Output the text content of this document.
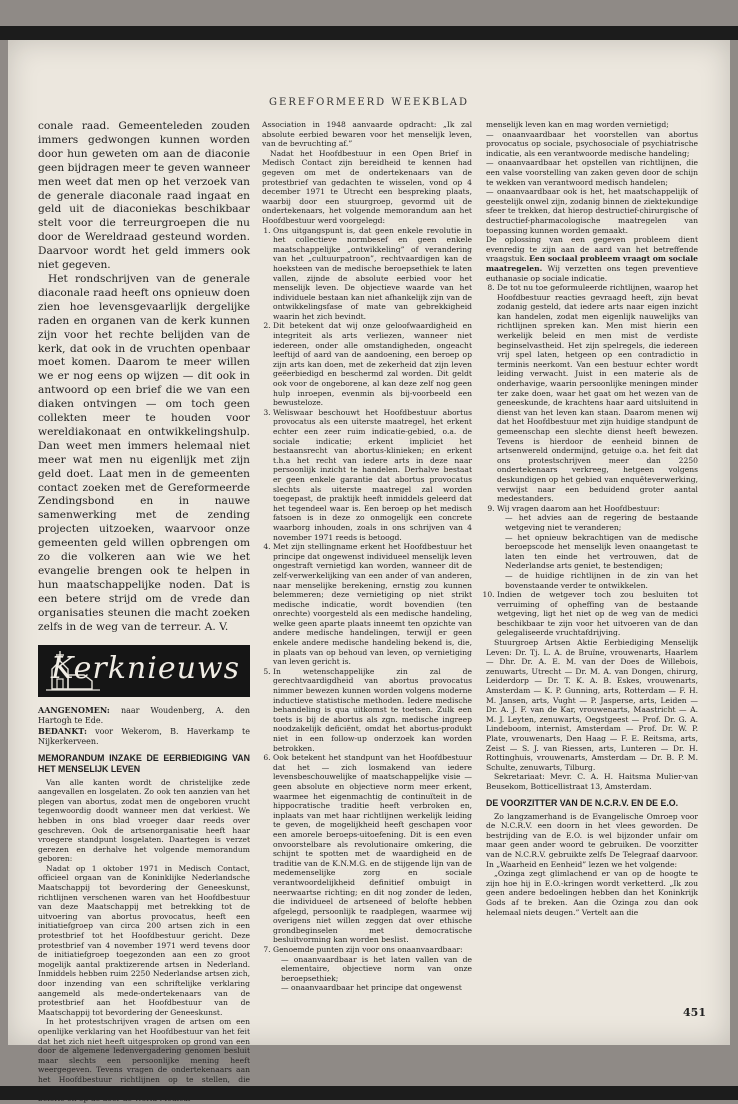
GEREFORMEERD WEEKBLAD

conale raad. Gemeenteleden zouden immers gedwongen kunnen worden door hun geweten om aan de diaconie geen bijdragen meer te geven wanneer men weet dat men op het verzoek van de generale diaconale raad ingaat en geld uit de diaconiekas beschikbaar stelt voor die terreurgroepen die nu door de Wereldraad gesteund worden. Daarvoor wordt het geld immers ook niet gegeven.

Het rondschrijven van de generale diaconale raad heeft ons opnieuw doen zien hoe levensgevaarlijk dergelijke raden en organen van de kerk kunnen zijn voor het rechte belijden van de kerk, dat ook in de vruchten openbaar moet komen. Daarom te meer willen we er nog eens op wijzen — dit ook in antwoord op een brief die we van een diaken ontvingen — om toch geen collekten meer te houden voor wereldiakonaat en ontwikkelingshulp. Dan weet men immers helemaal niet meer wat men nu eigenlijk met zijn geld doet. Laat men in de gemeenten contact zoeken met de Gereformeerde Zendingsbond en in nauwe samenwerking met de zending projecten uitzoeken, waarvoor onze gemeenten geld willen opbrengen om zo die volkeren aan wie we het evangelie brengen ook te helpen in hun maatschappelijke noden. Dat is een betere strijd om de vrede dan organisaties steunen die macht zoeken zelfs in de weg van de terreur. A. V.

Kerknieuws

AANGENOMEN: naar Woudenberg, A. den Hartogh te Ede.

BEDANKT: voor Wekerom, B. Haverkamp te Nijkerkerveen.

MEMORANDUM INZAKE DE EERBIEDIGING VAN HET MENSELIJK LEVEN

Van alle kanten wordt de christelijke zede aangevallen en losgelaten. Zo ook ten aanzien van het plegen van abortus, zodat men de ongeboren vrucht tegenwoordig doodt wanneer men dat verkiest. We hebben in ons blad vroeger daar reeds over geschreven. Ook de artsenorganisatie heeft haar vroegere standpunt losgelaten. Daartegen is verzet gerezen en derhalve het volgende memorandum geboren:

Nadat op 1 oktober 1971 in Medisch Contact, officieel orgaan van de Koninklijke Nederlandsche Maatschappij tot bevordering der Geneeskunst, richtlijnen verschenen waren van het Hoofdbestuur van deze Maatschappij met betrekking tot de uitvoering van abortus provocatus, heeft een initiatiefgroep van circa 200 artsen zich in een protestbrief tot het Hoofdbestuur gericht. Deze protestbrief van 4 november 1971 werd tevens door de initiatiefgroep toegezonden aan een zo groot mogelijk aantal praktizerende artsen in Nederland. Inmiddels hebben ruim 2250 Nederlandse artsen zich, door inzending van een schriftelijke verklaring aangemeld als mede-ondertekenaars van de protestbrief aan het Hoofdbestuur van de Maatschappij tot bevordering der Geneeskunst.

In het protestschrijven vragen de artsen om een openlijke verklaring van het Hoofdbestuur van het feit dat het zich niet heeft uitgesproken op grond van een door de algemene ledenvergadering genomen besluit maar slechts een persoonlijke mening heeft weergegeven. Tevens vragen de ondertekenaars aan het Hoofdbestuur richtlijnen op te stellen, die

Association in 1948 aanvaarde opdracht: „Ik zal absolute eerbied bewaren voor het menselijk leven, van de bevruchting af.”

Nadat het Hoofdbestuur in een Open Brief in Medisch Contact zijn bereidheid te kennen had gegeven om met de ondertekenaars van de protestbrief van gedachten te wisselen, vond op 4 december 1971 te Utrecht een bespreking plaats, waarbij door een stuurgroep, gevormd uit de ondertekenaars, het volgende memorandum aan het Hoofdbestuur werd voorgelegd:

1. Ons uitgangspunt is, dat geen enkele revolutie in het collectieve normbesef en geen enkele maatschappelijke „ontwikkeling” of verandering van het „cultuurpatroon”, rechtvaardigen kan de hoeksteen van de medische beroepsethiek te laten vallen, zijnde de absolute eerbied voor het menselijk leven. De objectieve waarde van het individuele bestaan kan niet afhankelijk zijn van de ontwikkelingsfase of mate van gebrekkigheid waarin het zich bevindt.
2. Dit betekent dat wij onze geloofwaardigheid en integriteit als arts verliezen, wanneer niet iedereen, onder alle omstandigheden, ongeacht leeftijd of aard van de aandoening, een beroep op zijn arts kan doen, met de zekerheid dat zijn leven geëerbiedigd en beschermd zal worden. Dit geldt ook voor de ongeborene, al kan deze zelf nog geen hulp inroepen, evenmin als bij-voorbeeld een bewusteloze.
3. Weliswaar beschouwt het Hoofdbestuur abortus provocatus als een uiterste maatregel, het erkent echter een zeer ruim indicatie-gebied, o.a. de sociale indicatie; erkent impliciet het bestaansrecht van abortus-klinieken; en erkent t.h.a het recht van iedere arts in deze naar persoonlijk inzicht te handelen. Derhalve bestaat er geen enkele garantie dat abortus provocatus slechts als uiterste maatregel zal worden toegepast, de praktijk heeft inmiddels geleerd dat het tegendeel waar is. Een beroep op het medisch fatsoen is in deze zo onmogelijk een concrete waarborg inhouden, zoals in ons schrijven van 4 november 1971 reeds is betoogd.
4. Met zijn stellingname erkent het Hoofdbestuur het principe dat ongewenst individueel menselijk leven ongestraft vernietigd kan worden, wanneer dit de zelf-verwerkelijking van een ander of van anderen, naar menselijke berekening, ernstig zou kunnen belemmeren; deze vernietiging op niet strikt medische indicatie, wordt bovendien (ten onrechte) voorgesteld als een medische handeling, welke geen aparte plaats inneemt ten opzichte van andere medische handelingen, terwijl er geen enkele andere medische handeling bekend is, die, in plaats van op behoud van leven, op vernietiging van leven gericht is.
5. In wetenschappelijke zin zal de gerechtvaardigdheid van abortus provocatus nimmer bewezen kunnen worden volgens moderne inductieve statistische methoden. Iedere medische behandeling is qua uitkomst te toetsen. Zulk een toets is bij de abortus als zgn. medische ingreep noodzakelijk deficiënt, omdat het abortus-produkt niet in een follow-up onderzoek kan worden betrokken.
6. Ook betekent het standpunt van het Hoofdbestuur dat het — zich losmakend van iedere levensbeschouwelijke of maatschappelijke visie — geen absolute en objectieve norm meer erkent, waarmee het eigenmachtig de continuïteit in de hippocratische traditie heeft verbroken en, inplaats van met haar richtlijnen werkelijk leiding te geven, de mogelijkheid heeft geschapen voor een amorele beroeps-uitoefening. Dit is een even onvoorstelbare als revolutionaire omkering, die schijnt te spotten met de waardigheid en de traditie van de K.N.M.G. en de stijgende lijn van de medemenselijke zorg en sociale verantwoordelijkheid definitief ombuigt in neerwaartse richting; en dit nog zonder de leden, die individueel de artseneed of belofte hebben afgelegd, persoonlijk te raadplegen, waarmee wij overigens niet willen zeggen dat over ethische grondbeginselen met democratische besluitvorming kan worden beslist.
7. Genoemde punten zijn voor ons onaanvaardbaar:
— onaanvaardbaar is het laten vallen van de elementaire, objectieve norm van onze beroepsethiek;
— onaanvaardbaar het principe dat ongewenst

menselijk leven kan en mag worden vernietigd;

— onaanvaardbaar het voorstellen van abortus provocatus op sociale, psychosociale of psychiatrische indicatie, als een verantwoorde medische handeling;

— onaanvaardbaar het opstellen van richtlijnen, die een valse voorstelling van zaken geven door de schijn te wekken van verantwoord medisch handelen;

— onaanvaardbaar ook is het, het maatschappelijk of geestelijk onwel zijn, zodanig binnen de ziektekundige sfeer te trekken, dat hierop destructief-chirurgische of destructief-pharmacologische maatregelen van toepassing kunnen worden gemaakt.

De oplossing van een gegeven probleem dient evenredig te zijn aan de aard van het betreffende vraagstuk. Een sociaal probleem vraagt om sociale maatregelen. Wij verzetten ons tegen preventieve euthanasie op sociale indicatie.

8. De tot nu toe geformuleerde richtlijnen, waarop het Hoofdbestuur reacties gevraagd heeft, zijn bevat zodanig gesteld, dat iedere arts naar eigen inzicht kan handelen, zodat men eigenlijk nauwelijks van richtlijnen spreken kan. Men mist hierin een werkelijk beleid en men mist de verdiste beginselvastheid. Het zijn spelregels, die iedereen vrij spel laten, hetgeen op een contradictio in terminis neerkomt. Van een bestuur echter wordt leiding verwacht. Juist in een materie als de onderhavige, waarin persoonlijke meningen minder ter zake doen, waar het gaat om het wezen van de geneeskunde, de krachtens haar aard uitsluitend in dienst van het leven kan staan. Daarom menen wij dat het Hoofdbestuur met zijn huidige standpunt de gemeenschap een slechte dienst heeft bewezen. Tevens is hierdoor de eenheid binnen de artsenwereld ondermijnd, getuige o.a. het feit dat ons protestschrijven meer dan 2250 ondertekenaars verkreeg, hetgeen volgens deskundigen op het gebied van enquêteverwerking, verwijst naar een beduidend groter aantal medestanders.
9. Wij vragen daarom aan het Hoofdbestuur:
— het advies aan de regering de bestaande wetgeving niet te veranderen;
— het opnieuw bekrachtigen van de medische beroepscode het menselijk leven onaangetast te laten ten einde het vertrouwen, dat de Nederlandse arts geniet, te bestendigen;
— de huidige richtlijnen in de zin van het bovenstaande verder te ontwikkelen.
10. Indien de wetgever toch zou besluiten tot verruiming of opheffing van de bestaande wetgeving, ligt het niet op de weg van de medici beschikbaar te zijn voor het uitvoeren van de dan gelegaliseerde vruchtafdrijving.

Stuurgroep Artsen Aktie Eerbiediging Menselijk Leven: Dr. Tj. L. A. de Bruïne, vrouwenarts, Haarlem — Dhr. Dr. A. E. M. van der Does de Willebois, zenuwarts, Utrecht — Dr. M. A. van Dongen, chirurg, Leiderdorp — Dr. T. K. A. B. Eskes, vrouwenarts, Amsterdam — K. P. Gunning, arts, Rotterdam — F. H. M. Jansen, arts, Vught — P. Jasperse, arts, Leiden — Dr. A. J. F. van de Kar, vrouwenarts, Maastricht — A. M. J. Leyten, zenuwarts, Oegstgeest — Prof. Dr. G. A. Lindeboom, internist, Amsterdam — Prof. Dr. W. P. Plate, vrouwenarts, Den Haag — F. E. Reitsma, arts, Zeist — S. J. van Riessen, arts, Lunteren — Dr. H. Rottinghuis, vrouwenarts, Amsterdam — Dr. B. P. M. Schulte, zenuwarts, Tilburg.

Sekretariaat: Mevr. C. A. H. Haitsma Mulier-van Beusekom, Botticellistraat 13, Amsterdam.

DE VOORZITTER VAN DE N.C.R.V. EN DE E.O.

Zo langzamerhand is de Evangelische Omroep voor de N.C.R.V. een doorn in het vlees geworden. De bestrijding van de E.O. is wel bijzonder unfair om maar geen ander woord te gebruiken. De voorzitter van de N.C.R.V. gebruikte zelfs De Telegraaf daarvoor. In „Waarheid en Eenheid” lezen we het volgende:

„Ozinga zegt glimlachend er van op de hoogte te zijn hoe hij in E.O.-kringen wordt verketterd. „Ik zou geen andere bedoelingen hebben dan het Koninkrijk Gods af te breken. Aan die Ozinga zou dan ook helemaal niets deugen.” Vertelt aan die

451
